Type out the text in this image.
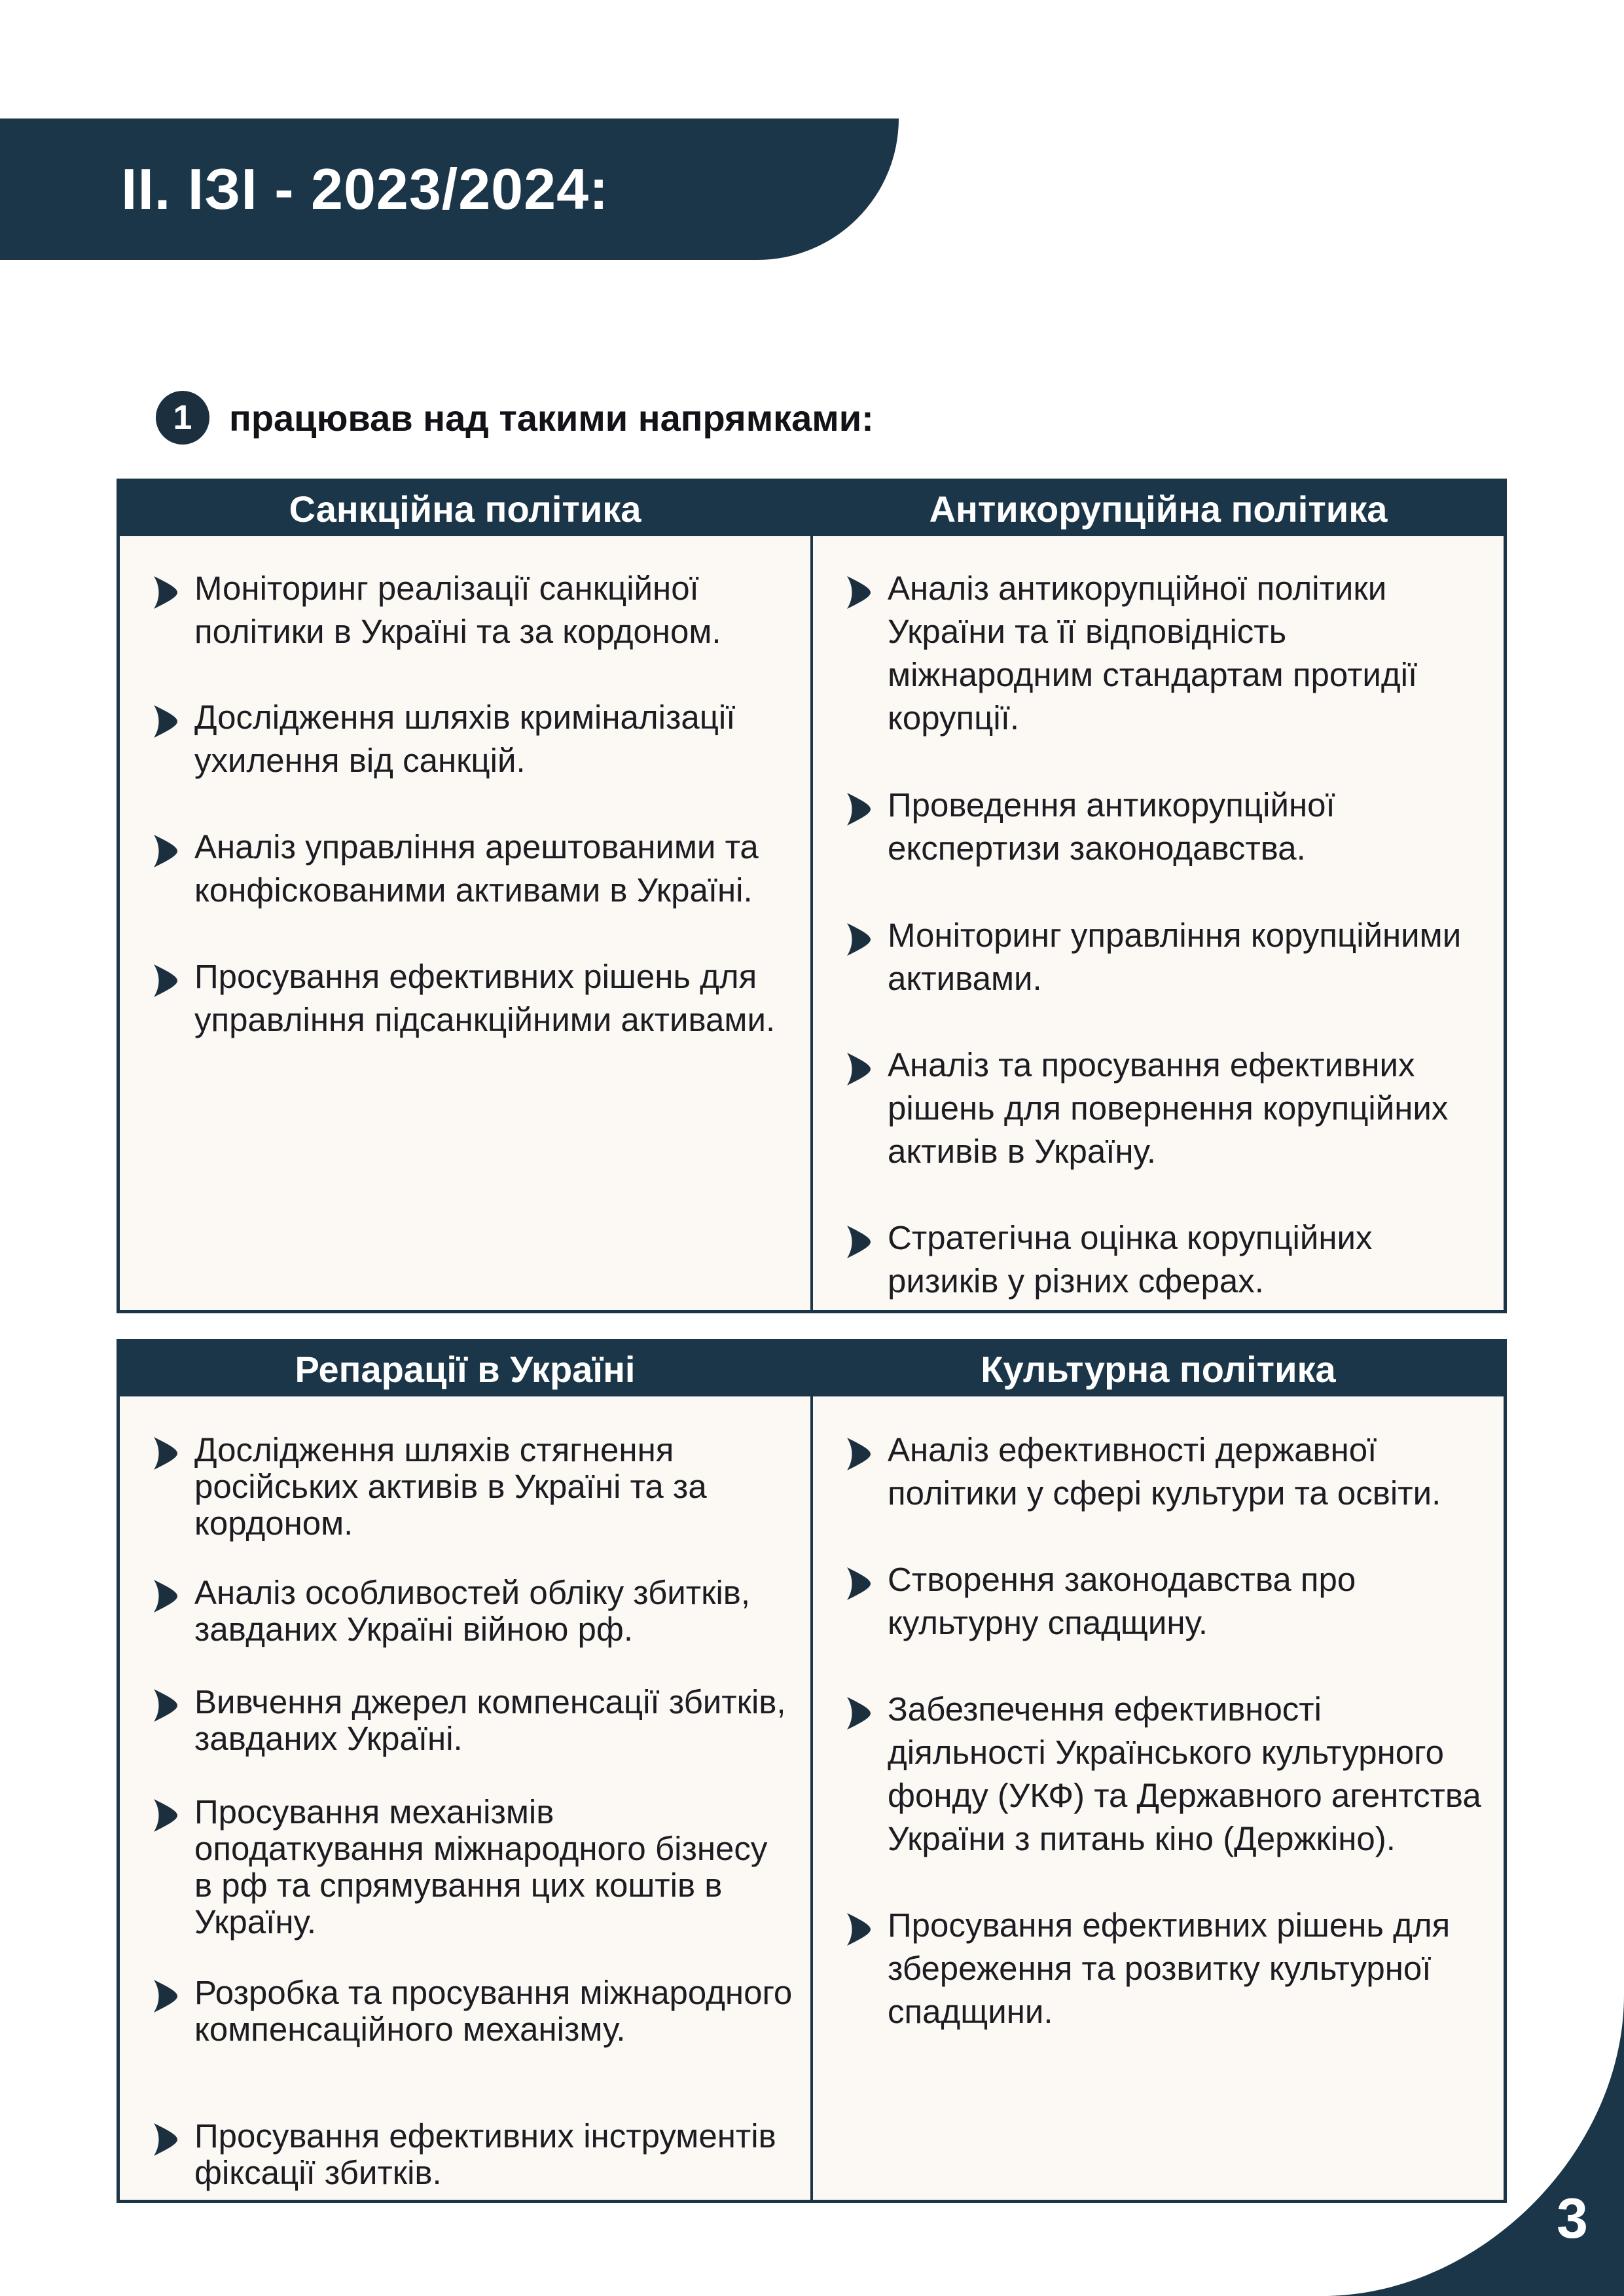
II. ІЗІ - 2023/2024:
1	працював над такими напрямками:
Санкційна політика
Моніторинг реалізації санкційної політики в Україні та за кордоном.
Дослідження шляхів криміналізації ухилення від санкцій.
Аналіз управління арештованими та конфіскованими активами в Україні.
Просування ефективних рішень для управління підсанкційними активами.
Антикорупційна політика
Аналіз антикорупційної політики України та її відповідність міжнародним стандартам протидії корупції.
Проведення антикорупційної експертизи законодавства.
Моніторинг управління корупційними активами.
Аналіз та просування ефективних рішень для повернення корупційних активів в Україну.
Стратегічна оцінка корупційних ризиків у різних сферах.
Репарації в Україні
Дослідження шляхів стягнення російських активів в Україні та за кордоном.
Аналіз особливостей обліку збитків, завданих Україні війною рф.
Вивчення джерел компенсації збитків, завданих Україні.
Просування механізмів оподаткування міжнародного бізнесу в рф та спрямування цих коштів в Україну.
Розробка та просування міжнародного компенсаційного механізму.
Просування ефективних інструментів фіксації збитків.
Культурна політика
Аналіз ефективності державної політики у сфері культури та освіти.
Створення законодавства про культурну спадщину.
Забезпечення ефективності діяльності Українського культурного фонду (УКФ) та Державного агентства України з питань кіно (Держкіно).
Просування ефективних рішень для збереження та розвитку культурної спадщини.
3
